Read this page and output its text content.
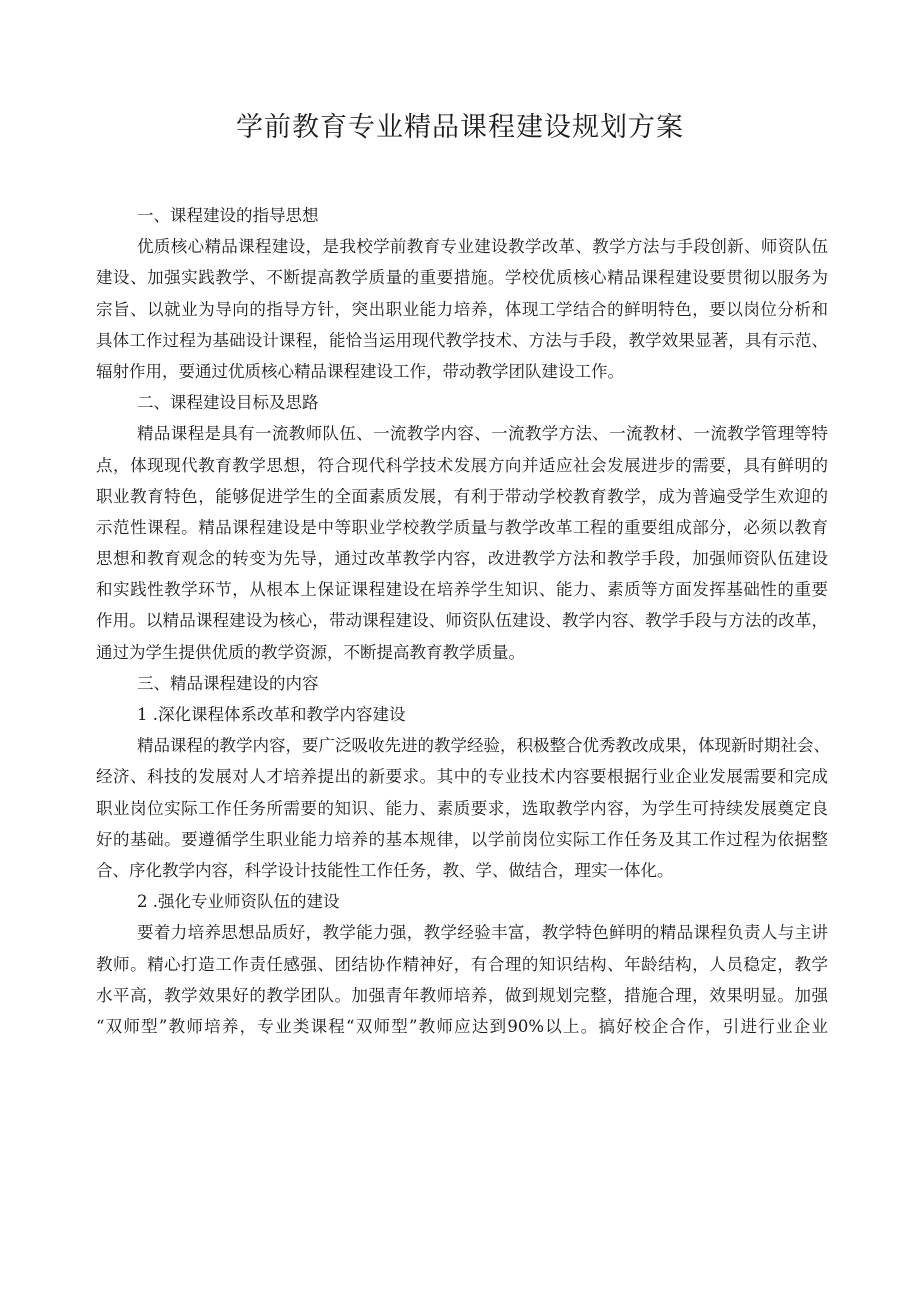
学前教育专业精品课程建设规划方案

一、课程建设的指导思想

优质核心精品课程建设，是我校学前教育专业建设教学改革、教学方法与手段创新、师资队伍

建设、加强实践教学、不断提高教学质量的重要措施。学校优质核心精品课程建设要贯彻以服务为

宗旨、以就业为导向的指导方针，突出职业能力培养，体现工学结合的鲜明特色，要以岗位分析和

具体工作过程为基础设计课程，能恰当运用现代教学技术、方法与手段，教学效果显著，具有示范、

辐射作用，要通过优质核心精品课程建设工作，带动教学团队建设工作。

二、课程建设目标及思路

精品课程是具有一流教师队伍、一流教学内容、一流教学方法、一流教材、一流教学管理等特

点，体现现代教育教学思想，符合现代科学技术发展方向并适应社会发展进步的需要，具有鲜明的

职业教育特色，能够促进学生的全面素质发展，有利于带动学校教育教学，成为普遍受学生欢迎的

示范性课程。精品课程建设是中等职业学校教学质量与教学改革工程的重要组成部分，必须以教育

思想和教育观念的转变为先导，通过改革教学内容，改进教学方法和教学手段，加强师资队伍建设

和实践性教学环节，从根本上保证课程建设在培养学生知识、能力、素质等方面发挥基础性的重要

作用。以精品课程建设为核心，带动课程建设、师资队伍建设、教学内容、教学手段与方法的改革，

通过为学生提供优质的教学资源，不断提高教育教学质量。

三、精品课程建设的内容

1 .深化课程体系改革和教学内容建设

精品课程的教学内容，要广泛吸收先进的教学经验，积极整合优秀教改成果，体现新时期社会、

经济、科技的发展对人才培养提出的新要求。其中的专业技术内容要根据行业企业发展需要和完成

职业岗位实际工作任务所需要的知识、能力、素质要求，选取教学内容，为学生可持续发展奠定良

好的基础。要遵循学生职业能力培养的基本规律，以学前岗位实际工作任务及其工作过程为依据整

合、序化教学内容，科学设计技能性工作任务，教、学、做结合，理实一体化。

2 .强化专业师资队伍的建设

要着力培养思想品质好，教学能力强，教学经验丰富，教学特色鲜明的精品课程负责人与主讲

教师。精心打造工作责任感强、团结协作精神好，有合理的知识结构、年龄结构，人员稳定，教学

水平高，教学效果好的教学团队。加强青年教师培养，做到规划完整，措施合理，效果明显。加强

“双师型”教师培养，专业类课程“双师型”教师应达到90%以上。搞好校企合作，引进行业企业
